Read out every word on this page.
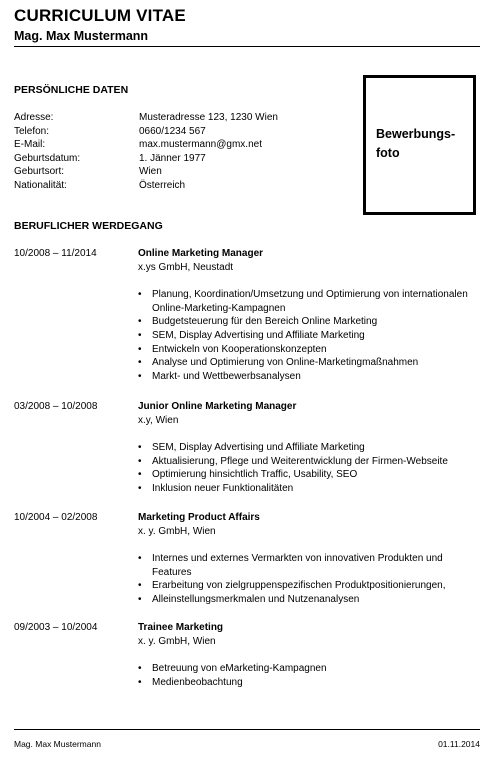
CURRICULUM VITAE
Mag. Max Mustermann
PERSÖNLICHE DATEN
Adresse:	Musteradresse 123, 1230 Wien
Telefon:	0660/1234 567
E-Mail:	max.mustermann@gmx.net
Geburtsdatum:	1. Jänner 1977
Geburtsort:	Wien
Nationalität:	Österreich
Bewerbungs-foto
BERUFLICHER WERDEGANG
10/2008 – 11/2014	Online Marketing Manager
x.ys GmbH, Neustadt
• Planung, Koordination/Umsetzung und Optimierung von internationalen Online-Marketing-Kampagnen
• Budgetsteuerung für den Bereich Online Marketing
• SEM, Display Advertising und Affiliate Marketing
• Entwickeln von Kooperationskonzepten
• Analyse und Optimierung von Online-Marketingmaßnahmen
• Markt- und Wettbewerbsanalysen
03/2008 – 10/2008	Junior Online Marketing Manager
x.y, Wien
• SEM, Display Advertising und Affiliate Marketing
• Aktualisierung, Pflege und Weiterentwicklung der Firmen-Webseite
• Optimierung hinsichtlich Traffic, Usability, SEO
• Inklusion neuer Funktionalitäten
10/2004 – 02/2008	Marketing Product Affairs
x. y. GmbH, Wien
• Internes und externes Vermarkten von innovativen Produkten und Features
• Erarbeitung von zielgruppenspezifischen Produktpositionierungen,
• Alleinstellungsmerkmalen und Nutzenanalysen
09/2003 – 10/2004	Trainee Marketing
x. y. GmbH, Wien
• Betreuung von eMarketing-Kampagnen
• Medienbeobachtung
Mag. Max Mustermann	01.11.2014
